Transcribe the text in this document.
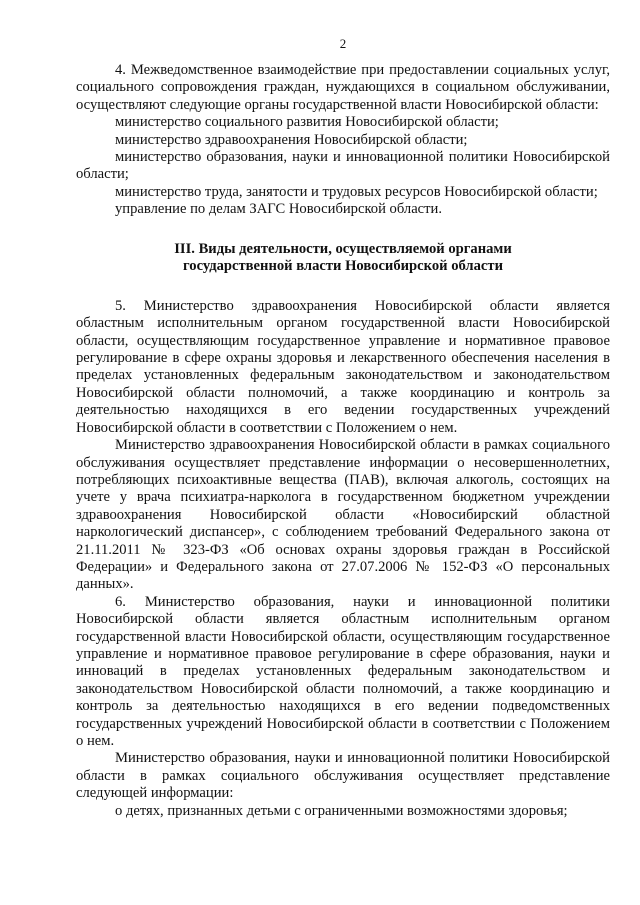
2

4. Межведомственное взаимодействие при предоставлении социальных услуг, социального сопровождения граждан, нуждающихся в социальном обслуживании, осуществляют следующие органы государственной власти Новосибирской области:

министерство социального развития Новосибирской области;

министерство здравоохранения Новосибирской области;

министерство образования, науки и инновационной политики Новосибирской области;

министерство труда, занятости и трудовых ресурсов Новосибирской области;

управление по делам ЗАГС Новосибирской области.

III. Виды деятельности, осуществляемой органами
государственной власти Новосибирской области

5. Министерство здравоохранения Новосибирской области является областным исполнительным органом государственной власти Новосибирской области, осуществляющим государственное управление и нормативное правовое регулирование в сфере охраны здоровья и лекарственного обеспечения населения в пределах установленных федеральным законодательством и законодательством Новосибирской области полномочий, а также координацию и контроль за деятельностью находящихся в его ведении государственных учреждений Новосибирской области в соответствии с Положением о нем.

Министерство здравоохранения Новосибирской области в рамках социального обслуживания осуществляет представление информации о несовершеннолетних, потребляющих психоактивные вещества (ПАВ), включая алкоголь, состоящих на учете у врача психиатра-нарколога в государственном бюджетном учреждении здравоохранения Новосибирской области «Новосибирский областной наркологический диспансер», с соблюдением требований Федерального закона от 21.11.2011 № 323-ФЗ «Об основах охраны здоровья граждан в Российской Федерации» и Федерального закона от 27.07.2006 № 152-ФЗ «О персональных данных».

6. Министерство образования, науки и инновационной политики Новосибирской области является областным исполнительным органом государственной власти Новосибирской области, осуществляющим государственное управление и нормативное правовое регулирование в сфере образования, науки и инноваций в пределах установленных федеральным законодательством и законодательством Новосибирской области полномочий, а также координацию и контроль за деятельностью находящихся в его ведении подведомственных государственных учреждений Новосибирской области в соответствии с Положением о нем.

Министерство образования, науки и инновационной политики Новосибирской области в рамках социального обслуживания осуществляет представление следующей информации:

о детях, признанных детьми с ограниченными возможностями здоровья;
